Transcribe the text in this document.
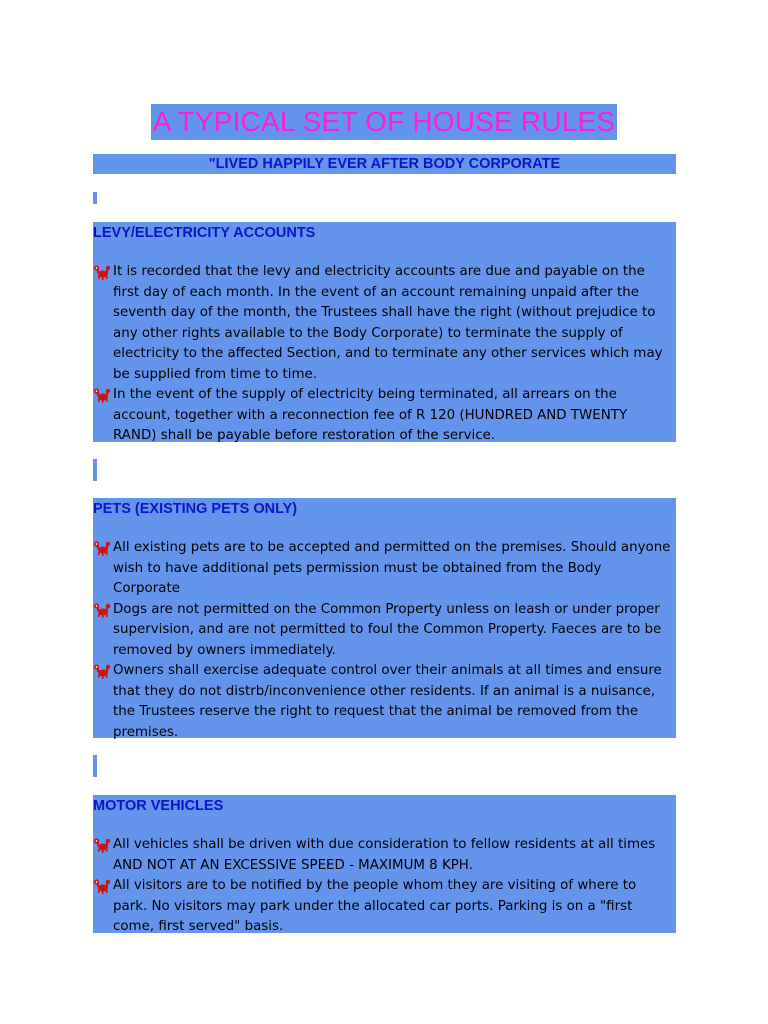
A TYPICAL SET OF HOUSE RULES
"LIVED HAPPILY EVER AFTER BODY CORPORATE
LEVY/ELECTRICITY ACCOUNTS
It is recorded that the levy and electricity accounts are due and payable on the first day of each month. In the event of an account remaining unpaid after the seventh day of the month, the Trustees shall have the right (without prejudice to any other rights available to the Body Corporate) to terminate the supply of electricity to the affected Section, and to terminate any other services which may be supplied from time to time.
In the event of the supply of electricity being terminated, all arrears on the account, together with a reconnection fee of R 120 (HUNDRED AND TWENTY RAND) shall be payable before restoration of the service.
PETS (EXISTING PETS ONLY)
All existing pets are to be accepted and permitted on the premises. Should anyone wish to have additional pets permission must be obtained from the Body Corporate
Dogs are not permitted on the Common Property unless on leash or under proper supervision, and are not permitted to foul the Common Property. Faeces are to be removed by owners immediately.
Owners shall exercise adequate control over their animals at all times and ensure that they do not distrb/inconvenience other residents. If an animal is a nuisance, the Trustees reserve the right to request that the animal be removed from the premises.
MOTOR VEHICLES
All vehicles shall be driven with due consideration to fellow residents at all times AND NOT AT AN EXCESSIVE SPEED - MAXIMUM 8 KPH.
All visitors are to be notified by the people whom they are visiting of where to park. No visitors may park under the allocated car ports. Parking is on a "first come, first served" basis.
